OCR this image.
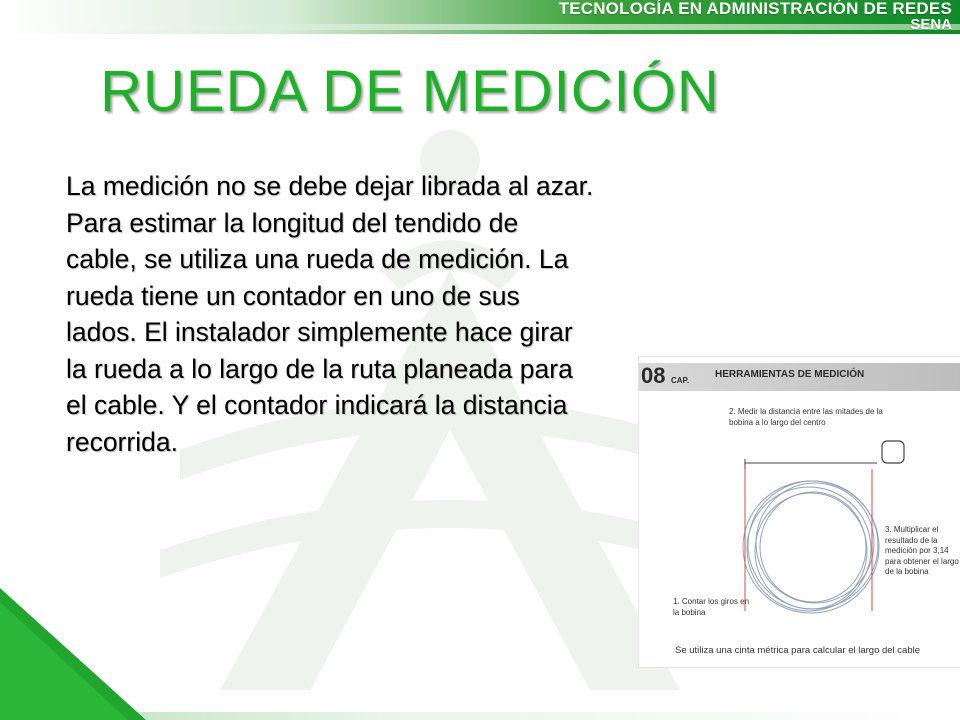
TECNOLOGÍA EN ADMINISTRACIÓN DE REDES
SENA
RUEDA DE MEDICIÓN
La medición no se debe dejar librada al azar. Para estimar la longitud del tendido de cable, se utiliza una rueda de medición. La rueda tiene un contador en uno de sus lados. El instalador simplemente hace girar la rueda a lo largo de la ruta planeada para el cable. Y el contador indicará la distancia recorrida.
08 CAP.
HERRAMIENTAS DE MEDICIÓN
2. Medir la distancia entre las mitades de la bobina a lo largo del centro
3. Multiplicar el resultado de la medición por 3,14 para obtener el largo de la bobina
1. Contar los giros en la bobina
Se utiliza una cinta métrica para calcular el largo del cable
